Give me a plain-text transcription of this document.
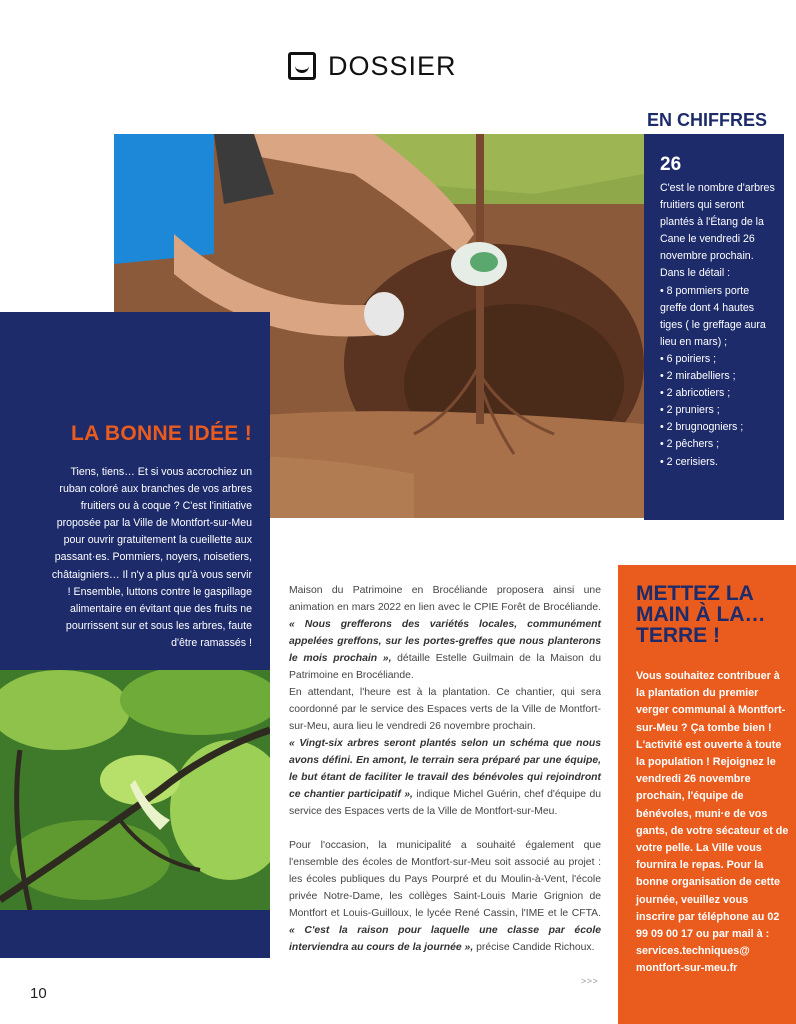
DOSSIER
EN CHIFFRES
26
C'est le nombre d'arbres fruitiers qui seront plantés à l'Étang de la Cane le vendredi 26 novembre prochain.
Dans le détail :
• 8 pommiers porte greffe dont 4 hautes tiges ( le greffage aura lieu en mars) ;
• 6 poiriers ;
• 2 mirabelliers ;
• 2 abricotiers ;
• 2 pruniers ;
• 2 brugnogniers ;
• 2 pêchers ;
• 2 cerisiers.
LA BONNE IDÉE !
Tiens, tiens… Et si vous accrochiez un ruban coloré aux branches de vos arbres fruitiers ou à coque ? C'est l'initiative proposée par la Ville de Montfort-sur-Meu pour ouvrir gratuitement la cueillette aux passant·es. Pommiers, noyers, noisetiers, châtaigniers… Il n'y a plus qu'à vous servir ! Ensemble, luttons contre le gaspillage alimentaire en évitant que des fruits ne pourrissent sur et sous les arbres, faute d'être ramassés !

Maison du Patrimoine en Brocéliande proposera ainsi une animation en mars 2022 en lien avec le CPIE Forêt de Brocéliande. « Nous grefferons des variétés locales, communément appelées greffons, sur les portes-greffes que nous planterons le mois prochain », détaille Estelle Guilmain de la Maison du Patrimoine en Brocéliande.

En attendant, l'heure est à la plantation. Ce chantier, qui sera coordonné par le service des Espaces verts de la Ville de Montfort-sur-Meu, aura lieu le vendredi 26 novembre prochain.

« Vingt-six arbres seront plantés selon un schéma que nous avons défini. En amont, le terrain sera préparé par une équipe, le but étant de faciliter le travail des bénévoles qui rejoindront ce chantier participatif », indique Michel Guérin, chef d'équipe du service des Espaces verts de la Ville de Montfort-sur-Meu.

Pour l'occasion, la municipalité a souhaité également que l'ensemble des écoles de Montfort-sur-Meu soit associé au projet : les écoles publiques du Pays Pourpré et du Moulin-à-Vent, l'école privée Notre-Dame, les collèges Saint-Louis Marie Grignion de Montfort et Louis-Guilloux, le lycée René Cassin, l'IME et le CFTA. « C'est la raison pour laquelle une classe par école interviendra au cours de la journée », précise Candide Richoux.

METTEZ LA MAIN À LA… TERRE !
Vous souhaitez contribuer à la plantation du premier verger communal à Montfort-sur-Meu ? Ça tombe bien ! L'activité est ouverte à toute la population ! Rejoignez le vendredi 26 novembre prochain, l'équipe de bénévoles, muni·e de vos gants, de votre sécateur et de votre pelle. La Ville vous fournira le repas. Pour la bonne organisation de cette journée, veuillez vous inscrire par téléphone au 02 99 09 00 17 ou par mail à : services.techniques@ montfort-sur-meu.fr
10
>>>
